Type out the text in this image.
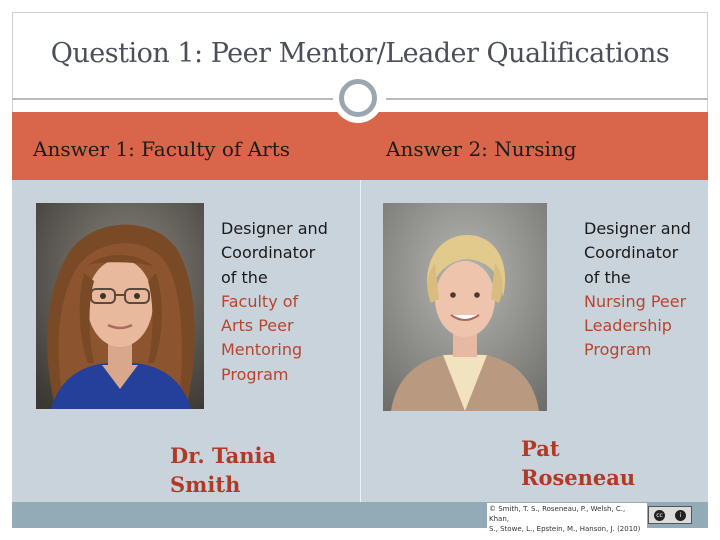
Question 1: Peer Mentor/Leader Qualifications
Answer 1: Faculty of Arts	Answer 2: Nursing
Designer and
Coordinator
of the
Faculty of
Arts Peer
Mentoring
Program
Designer and
Coordinator
of the
Nursing Peer
Leadership
Program
Dr. Tania
Smith
Pat
Roseneau
© Smith, T. S., Roseneau, P., Welsh, C., Khan,
S., Stowe, L., Epstein, M., Hanson, J. (2010)
cc	i
